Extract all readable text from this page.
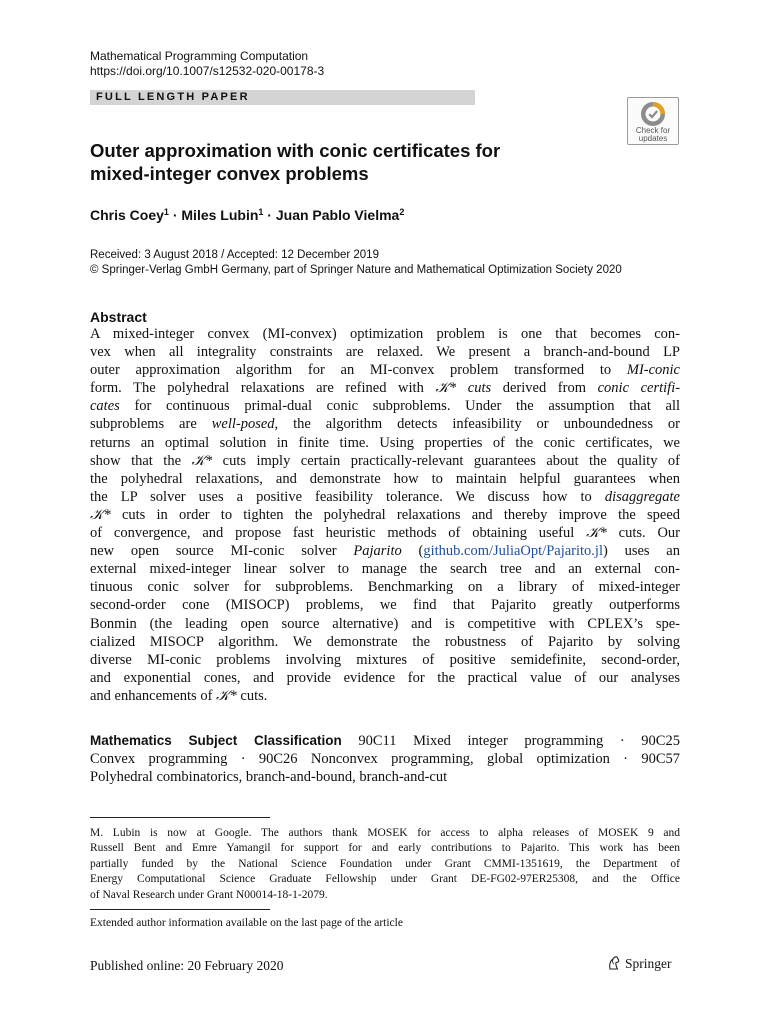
Mathematical Programming Computation
https://doi.org/10.1007/s12532-020-00178-3
FULL LENGTH PAPER
Check for
updates
Outer approximation with conic certificates for
mixed-integer convex problems
Chris Coey$^1$ · Miles Lubin$^1$ · Juan Pablo Vielma$^2$
Received: 3 August 2018 / Accepted: 12 December 2019
© Springer-Verlag GmbH Germany, part of Springer Nature and Mathematical Optimization Society 2020
Abstract
A mixed-integer convex (MI-convex) optimization problem is one that becomes con-
vex when all integrality constraints are relaxed. We present a branch-and-bound LP
outer approximation algorithm for an MI-convex problem transformed to MI-conic
form. The polyhedral relaxations are refined with 𝒦* cuts derived from conic certifi-
cates for continuous primal-dual conic subproblems. Under the assumption that all
subproblems are well-posed, the algorithm detects infeasibility or unboundedness or
returns an optimal solution in finite time. Using properties of the conic certificates, we
show that the 𝒦* cuts imply certain practically-relevant guarantees about the quality of
the polyhedral relaxations, and demonstrate how to maintain helpful guarantees when
the LP solver uses a positive feasibility tolerance. We discuss how to disaggregate
𝒦* cuts in order to tighten the polyhedral relaxations and thereby improve the speed
of convergence, and propose fast heuristic methods of obtaining useful 𝒦* cuts. Our
new open source MI-conic solver Pajarito (github.com/JuliaOpt/Pajarito.jl) uses an
external mixed-integer linear solver to manage the search tree and an external con-
tinuous conic solver for subproblems. Benchmarking on a library of mixed-integer
second-order cone (MISOCP) problems, we find that Pajarito greatly outperforms
Bonmin (the leading open source alternative) and is competitive with CPLEX’s spe-
cialized MISOCP algorithm. We demonstrate the robustness of Pajarito by solving
diverse MI-conic problems involving mixtures of positive semidefinite, second-order,
and exponential cones, and provide evidence for the practical value of our analyses
and enhancements of 𝒦* cuts.
Mathematics Subject Classification 90C11 Mixed integer programming · 90C25
Convex programming · 90C26 Nonconvex programming, global optimization · 90C57
Polyhedral combinatorics, branch-and-bound, branch-and-cut
M. Lubin is now at Google. The authors thank MOSEK for access to alpha releases of MOSEK 9 and
Russell Bent and Emre Yamangil for support for and early contributions to Pajarito. This work has been
partially funded by the National Science Foundation under Grant CMMI-1351619, the Department of
Energy Computational Science Graduate Fellowship under Grant DE-FG02-97ER25308, and the Office
of Naval Research under Grant N00014-18-1-2079.
Extended author information available on the last page of the article
Published online: 20 February 2020	Springer
